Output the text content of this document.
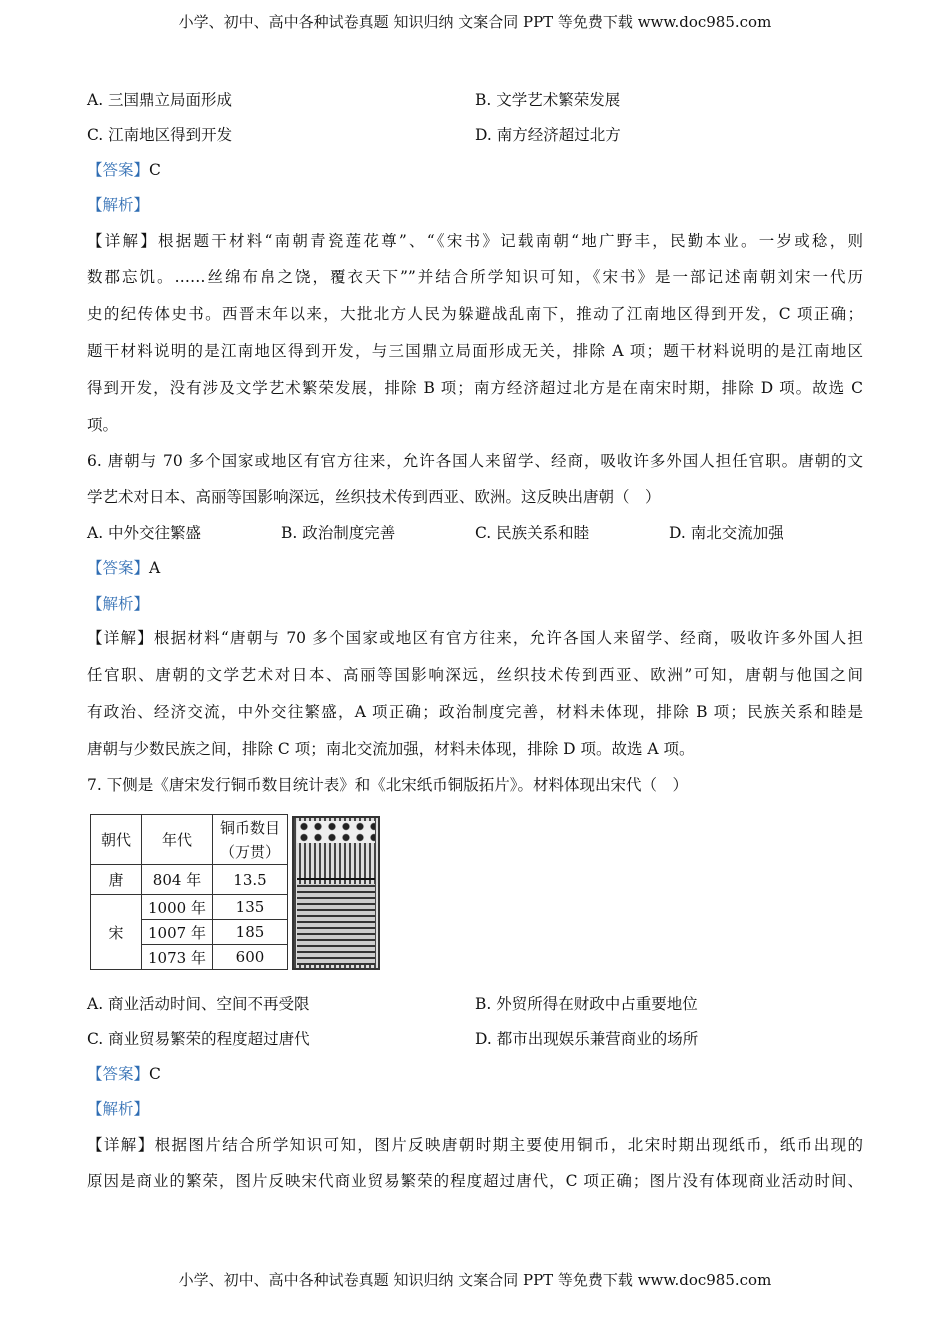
小学、初中、高中各种试卷真题 知识归纳 文案合同 PPT 等免费下载 www.doc985.com
A. 三国鼎立局面形成	B. 文学艺术繁荣发展
C. 江南地区得到开发	D. 南方经济超过北方
【答案】C
【解析】
【详解】根据题干材料“南朝青瓷莲花尊”、“《宋书》记载南朝“地广野丰，民勤本业。一岁或稔，则
数郡忘饥。……丝绵布帛之饶，覆衣天下””并结合所学知识可知，《宋书》是一部记述南朝刘宋一代历
史的纪传体史书。西晋末年以来，大批北方人民为躲避战乱南下，推动了江南地区得到开发，C 项正确；
题干材料说明的是江南地区得到开发，与三国鼎立局面形成无关，排除 A 项；题干材料说明的是江南地区
得到开发，没有涉及文学艺术繁荣发展，排除 B 项；南方经济超过北方是在南宋时期，排除 D 项。故选 C
项。
6. 唐朝与 70 多个国家或地区有官方往来，允许各国人来留学、经商，吸收许多外国人担任官职。唐朝的文
学艺术对日本、高丽等国影响深远，丝织技术传到西亚、欧洲。这反映出唐朝（　）
A. 中外交往繁盛	B. 政治制度完善	C. 民族关系和睦	D. 南北交流加强
【答案】A
【解析】
【详解】根据材料“唐朝与 70 多个国家或地区有官方往来，允许各国人来留学、经商，吸收许多外国人担
任官职、唐朝的文学艺术对日本、高丽等国影响深远，丝织技术传到西亚、欧洲”可知，唐朝与他国之间
有政治、经济交流，中外交往繁盛，A 项正确；政治制度完善，材料未体现，排除 B 项；民族关系和睦是
唐朝与少数民族之间，排除 C 项；南北交流加强，材料未体现，排除 D 项。故选 A 项。
7. 下侧是《唐宋发行铜币数目统计表》和《北宋纸币铜版拓片》。材料体现出宋代（　）
朝代	年代	铜币数目
（万贯）
唐	804 年	13.5
宋	1000 年	135
	1007 年	185
	1073 年	600
A. 商业活动时间、空间不再受限	B. 外贸所得在财政中占重要地位
C. 商业贸易繁荣的程度超过唐代	D. 都市出现娱乐兼营商业的场所
【答案】C
【解析】
【详解】根据图片结合所学知识可知，图片反映唐朝时期主要使用铜币，北宋时期出现纸币，纸币出现的
原因是商业的繁荣，图片反映宋代商业贸易繁荣的程度超过唐代，C 项正确；图片没有体现商业活动时间、
小学、初中、高中各种试卷真题 知识归纳 文案合同 PPT 等免费下载 www.doc985.com
